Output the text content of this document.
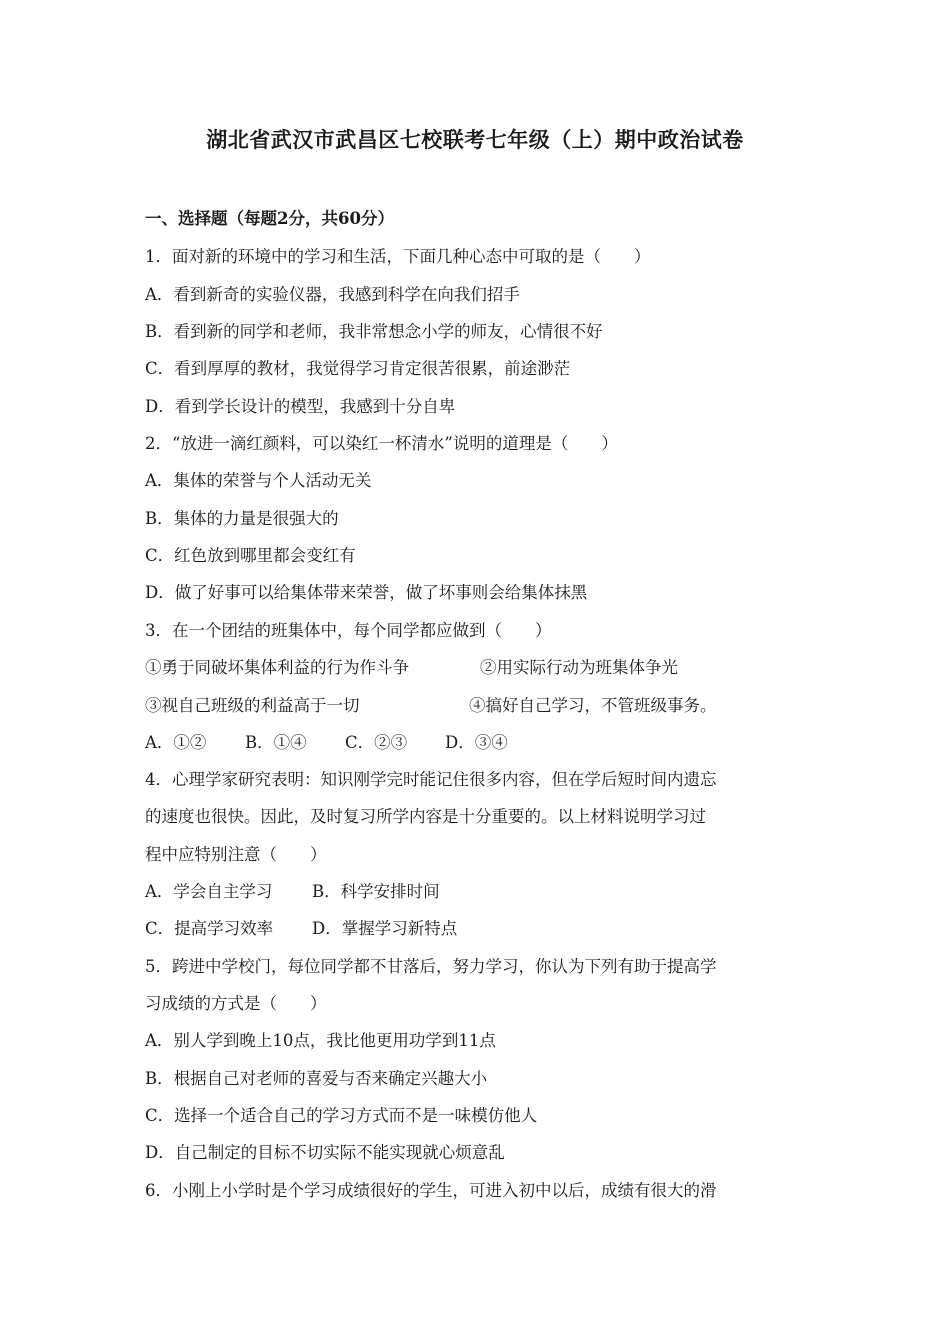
湖北省武汉市武昌区七校联考七年级（上）期中政治试卷
一、选择题（每题2分，共60分）
1．面对新的环境中的学习和生活，下面几种心态中可取的是（　　）
A．看到新奇的实验仪器，我感到科学在向我们招手
B．看到新的同学和老师，我非常想念小学的师友，心情很不好
C．看到厚厚的教材，我觉得学习肯定很苦很累，前途渺茫
D．看到学长设计的模型，我感到十分自卑
2．“放进一滴红颜料，可以染红一杯清水”说明的道理是（　　）
A．集体的荣誉与个人活动无关
B．集体的力量是很强大的
C．红色放到哪里都会变红有
D．做了好事可以给集体带来荣誉，做了坏事则会给集体抹黑
3．在一个团结的班集体中，每个同学都应做到（　　）
①勇于同破坏集体利益的行为作斗争	②用实际行动为班集体争光
③视自己班级的利益高于一切	④搞好自己学习，不管班级事务。
A．①② B．①④ C．②③ D．③④
4．心理学家研究表明：知识刚学完时能记住很多内容，但在学后短时间内遗忘
的速度也很快。因此，及时复习所学内容是十分重要的。以上材料说明学习过
程中应特别注意（　　）
A．学会自主学习 B．科学安排时间
C．提高学习效率 D．掌握学习新特点
5．跨进中学校门，每位同学都不甘落后，努力学习，你认为下列有助于提高学
习成绩的方式是（　　）
A．别人学到晚上10点，我比他更用功学到11点
B．根据自己对老师的喜爱与否来确定兴趣大小
C．选择一个适合自己的学习方式而不是一味模仿他人
D．自己制定的目标不切实际不能实现就心烦意乱
6．小刚上小学时是个学习成绩很好的学生，可进入初中以后，成绩有很大的滑
